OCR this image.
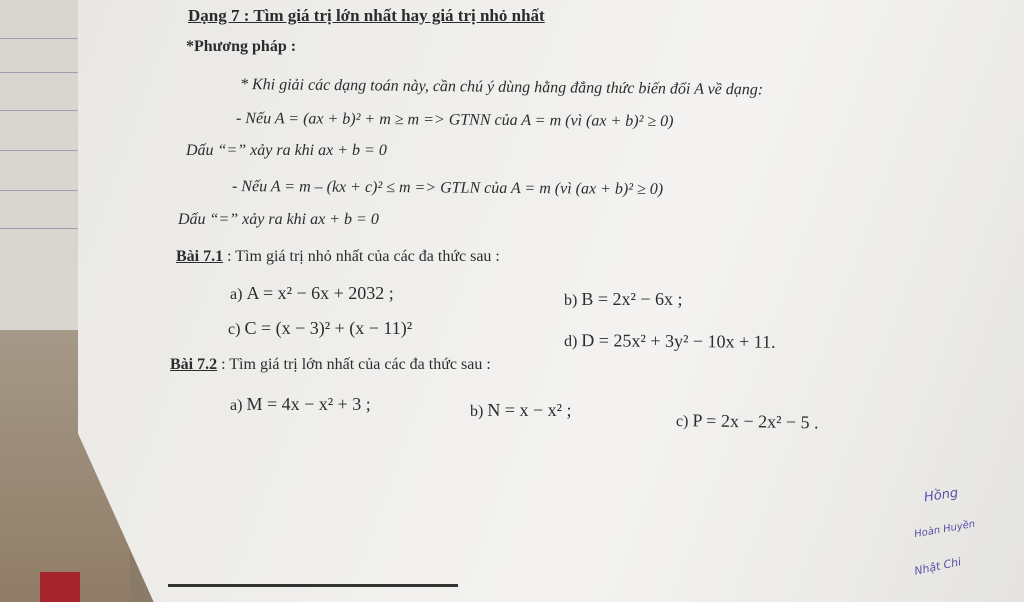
Dạng 7 : Tìm giá trị lớn nhất hay giá trị nhỏ nhất
*Phương pháp :
* Khi giải các dạng toán này, cần chú ý dùng hằng đẳng thức biến đổi A về dạng:
- Nếu A = (ax + b)² + m ≥ m => GTNN của A = m (vì (ax + b)² ≥ 0)
Dấu “=” xảy ra khi ax + b = 0
- Nếu A = m – (kx + c)² ≤ m => GTLN của A = m (vì (ax + b)² ≥ 0)
Dấu “=” xảy ra khi ax + b = 0
Bài 7.1 : Tìm giá trị nhỏ nhất của các đa thức sau :
a) A = x² − 6x + 2032 ;	b) B = 2x² − 6x ;
c) C = (x − 3)² + (x − 11)²
d) D = 25x² + 3y² − 10x + 11.
Bài 7.2 : Tìm giá trị lớn nhất của các đa thức sau :
a) M = 4x − x² + 3 ;	b) N = x − x² ;
c) P = 2x − 2x² − 5 .
Hồng
Hoàn Huyền
Nhật Chi
